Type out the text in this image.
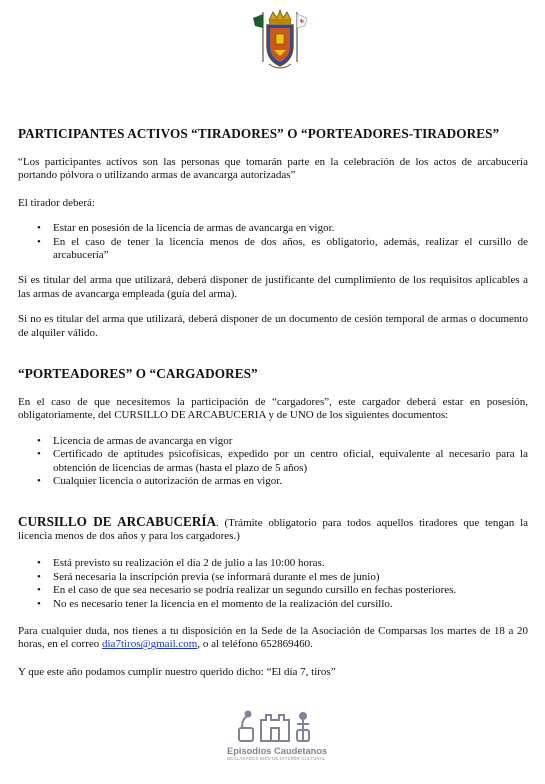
PARTICIPANTES ACTIVOS “TIRADORES” O “PORTEADORES-TIRADORES”

“Los participantes activos son las personas que tomarán parte en la celebración de los actos de arcabucería portando pólvora o utilizando armas de avancarga autorizadas”

El tirador deberá:

• Estar en posesión de la licencia de armas de avancarga en vigor.
• En el caso de tener la licencia menos de dos años, es obligatorio, además, realizar el cursillo de arcabucería”

Si es titular del arma que utilizará, deberá disponer de justificante del cumplimiento de los requisitos aplicables a las armas de avancarga empleada (guía del arma).

Si no es titular del arma que utilizará, deberá disponer de un documento de cesión temporal de armas o documento de alquiler válido.

“PORTEADORES” O “CARGADORES”

En el caso de que necesitemos la participación de “cargadores”, este cargador deberá estar en posesión, obligatoriamente, del CURSILLO DE ARCABUCERIA y de UNO de los siguientes documentos:

• Licencia de armas de avancarga en vigor
• Certificado de aptitudes psicofísicas, expedido por un centro oficial, equivalente al necesario para la obtención de licencias de armas (hasta el plazo de 5 años)
• Cualquier licencia o autorización de armas en vigor.

CURSILLO DE ARCABUCERÍA. (Trámite obligatorio para todos aquellos tiradores que tengan la licencia menos de dos años y para los cargadores.)

• Está previsto su realización el día 2 de julio a las 10:00 horas.
• Será necesaria la inscripción previa (se informará durante el mes de junio)
• En el caso de que sea necesario se podría realizar un segundo cursillo en fechas posteriores.
• No es necesario tener la licencia en el momento de la realización del cursillo.

Para cualquier duda, nos tienes a tu disposición en la Sede de la Asociación de Comparsas los martes de 18 a 20 horas, en el correo dia7tiros@gmail.com, o al teléfono 652869460.

Y que este año podamos cumplir nuestro querido dicho: “El día 7, tiros”

Episodios Caudetanos
DECLARADOS BIEN DE INTERÉS CULTURAL
